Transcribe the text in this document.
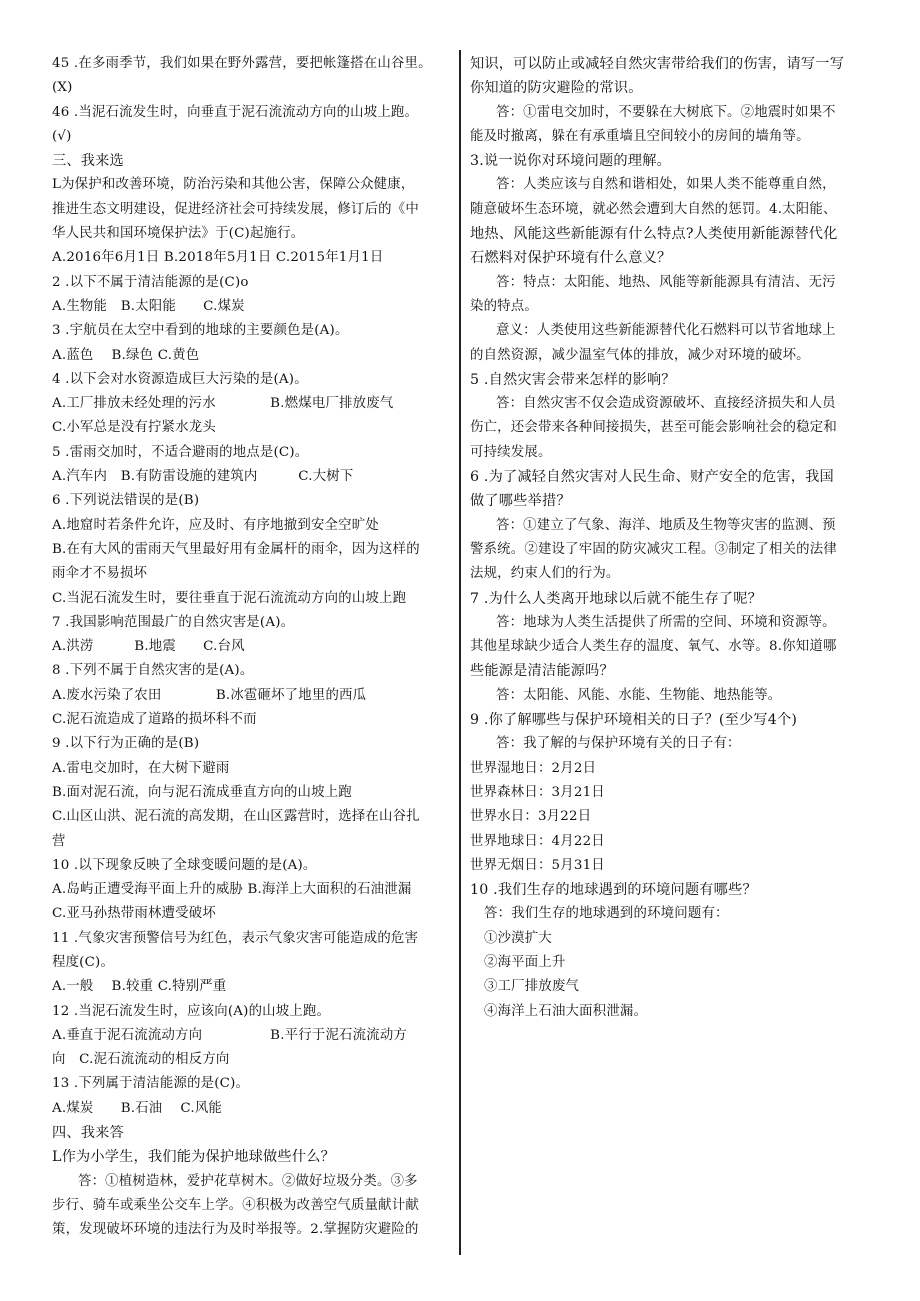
45 .在多雨季节，我们如果在野外露营，要把帐篷搭在山谷里。
(X)
46 .当泥石流发生时，向垂直于泥石流流动方向的山坡上跑。
(√)
三、我来选
L为保护和改善环境，防治污染和其他公害，保障公众健康，
推进生态文明建设，促进经济社会可持续发展，修订后的《中
华人民共和国环境保护法》于(C)起施行。
A.2016年6月1日 B.2018年5月1日 C.2015年1月1日
2 .以下不属于清洁能源的是(C)o
A.生物能　B.太阳能　　C.煤炭
3 .宇航员在太空中看到的地球的主要颜色是(A)。
A.蓝色　 B.绿色 C.黄色
4 .以下会对水资源造成巨大污染的是(A)。
A.工厂排放未经处理的污水　　　　B.燃煤电厂排放废气
C.小军总是没有拧紧水龙头
5 .雷雨交加时，不适合避雨的地点是(C)。
A.汽车内　B.有防雷设施的建筑内　　　C.大树下
6 .下列说法错误的是(B)
A.地窟时若条件允许，应及时、有序地撤到安全空旷处
B.在有大风的雷雨天气里最好用有金属杆的雨伞，因为这样的
雨伞才不易损坏
C.当泥石流发生时，要往垂直于泥石流流动方向的山坡上跑
7 .我国影响范围最广的自然灾害是(A)。
A.洪涝　　　B.地震　　C.台风
8 .下列不属于自然灾害的是(A)。
A.废水污染了农田　　　　B.冰雹砸坏了地里的西瓜
C.泥石流造成了道路的损坏科不而
9 .以下行为正确的是(B)
A.雷电交加时，在大树下避雨
B.面对泥石流，向与泥石流成垂直方向的山坡上跑
C.山区山洪、泥石流的高发期，在山区露营时，选择在山谷扎
营
10 .以下现象反映了全球变暖问题的是(A)。
A.岛屿正遭受海平面上升的威胁 B.海洋上大面积的石油泄漏
C.亚马孙热带雨林遭受破坏
11 .气象灾害预警信号为红色，表示气象灾害可能造成的危害
程度(C)。
A.一般　 B.较重 C.特别严重
12 .当泥石流发生时，应该向(A)的山坡上跑。
A.垂直于泥石流流动方向　　　　　B.平行于泥石流流动方
向　C.泥石流流动的相反方向
13 .下列属于清洁能源的是(C)。
A.煤炭　　B.石油　 C.风能
四、我来答
L作为小学生，我们能为保护地球做些什么？
答：①植树造林，爱护花草树木。②做好垃圾分类。③多
步行、骑车或乘坐公交车上学。④积极为改善空气质量献计献
策，发现破坏环境的违法行为及时举报等。2.掌握防灾避险的
知识，可以防止或减轻自然灾害带给我们的伤害，请写一写
你知道的防灾避险的常识。
答：①雷电交加时，不要躲在大树底下。②地震时如果不
能及时撤离，躲在有承重墙且空间较小的房间的墙角等。
3.说一说你对环境问题的理解。
答：人类应该与自然和谐相处，如果人类不能尊重自然，
随意破坏生态环境，就必然会遭到大自然的惩罚。4.太阳能、
地热、风能这些新能源有什么特点?人类使用新能源替代化
石燃料对保护环境有什么意义？
答：特点：太阳能、地热、风能等新能源具有清洁、无污
染的特点。
意义：人类使用这些新能源替代化石燃料可以节省地球上
的自然资源，减少温室气体的排放，减少对环境的破坏。
5 .自然灾害会带来怎样的影响？
答：自然灾害不仅会造成资源破坏、直接经济损失和人员
伤亡，还会带来各种间接损失，甚至可能会影响社会的稳定和
可持续发展。
6 .为了减轻自然灾害对人民生命、财产安全的危害，我国
做了哪些举措？
答：①建立了气象、海洋、地质及生物等灾害的监测、预
警系统。②建设了牢固的防灾减灾工程。③制定了相关的法律
法规，约束人们的行为。
7 .为什么人类离开地球以后就不能生存了呢？
答：地球为人类生活提供了所需的空间、环境和资源等。
其他星球缺少适合人类生存的温度、氧气、水等。8.你知道哪
些能源是清洁能源吗？
答：太阳能、风能、水能、生物能、地热能等。
9 .你了解哪些与保护环境相关的日子？(至少写4个)
答：我了解的与保护环境有关的日子有：
世界湿地日：2月2日
世界森林日：3月21日
世界水日：3月22日
世界地球日：4月22日
世界无烟日：5月31日
10 .我们生存的地球遇到的环境问题有哪些？
答：我们生存的地球遇到的环境问题有：
①沙漠扩大
②海平面上升
③工厂排放废气
④海洋上石油大面积泄漏。
